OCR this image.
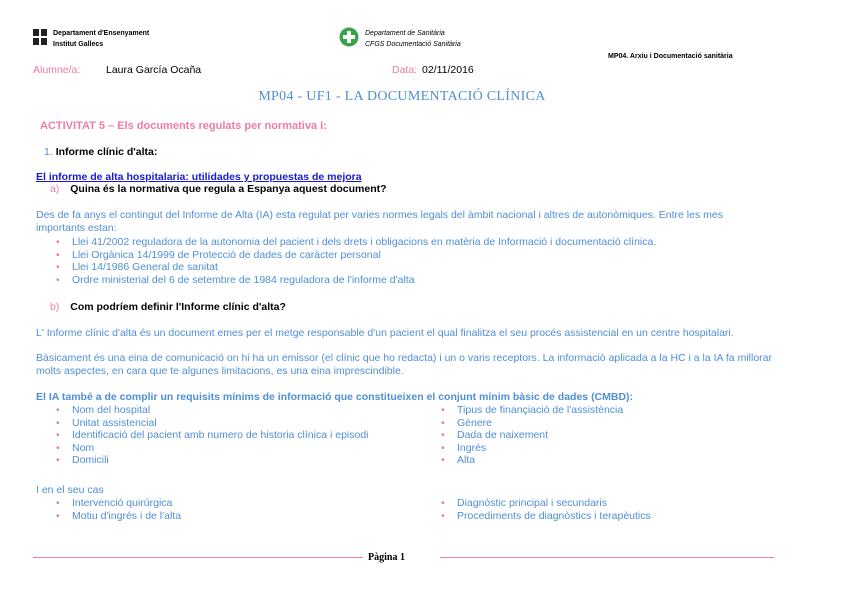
Departament d'Ensenyament
Institut Gallecs
Departament de Sanitària
CFGS Documentació Sanitària
MP04. Arxiu i Documentació sanitària
Alumne/a: Laura García Ocaña	Data: 02/11/2016
MP04 - UF1 - LA DOCUMENTACIÓ CLÍNICA
ACTIVITAT 5 – Els documents regulats per normativa I:
1. Informe clínic d'alta:
El informe de alta hospitalaria: utilidades y propuestas de mejora
a) Quina és la normativa que regula a Espanya aquest document?
Des de fa anys el contingut del Informe de Alta (IA) esta regulat per varies normes legals del àmbit nacional i altres de autonòmiques. Entre les mes importants estan:
• Llei 41/2002 reguladora de la autonomia del pacient i dels drets i obligacions en matèria de Informació i documentació clínica.
• Llei Orgànica 14/1999 de Protecció de dades de caràcter personal
• Llei 14/1986 General de sanitat
• Ordre ministerial del 6 de setembre de 1984 reguladora de l'informe d'alta
b) Com podríem definir l'Informe clínic d'alta?
L' Informe clínic d'alta és un document emes per el metge responsable d'un pacient el qual finalitza el seu procés assistencial en un centre hospitalari.
Bàsicament és una eina de comunicació on hi ha un emissor (el clínic que ho redacta) i un o varis receptors. La informació aplicada a la HC i a la IA fa millorar molts aspectes, en cara que te algunes limitacions, es una eina imprescindible.
El IA també a de complir un requisits mínims de informació que constitueixen el conjunt mínim bàsic de dades (CMBD):
• Nom del hospital
• Unitat assistencial
• Identificació del pacient amb numero de historia clínica i episodi
• Nom
• Domicili
• Tipus de finançiació de l'assistència
• Gènere
• Dada de naixement
• Ingrés
• Alta
I en el seu cas
• Intervenció quirúrgica
• Motiu d'ingrés i de l'alta
• Diagnòstic principal i secundaris
• Procediments de diagnòstics i terapèutics
Pàgina 1
